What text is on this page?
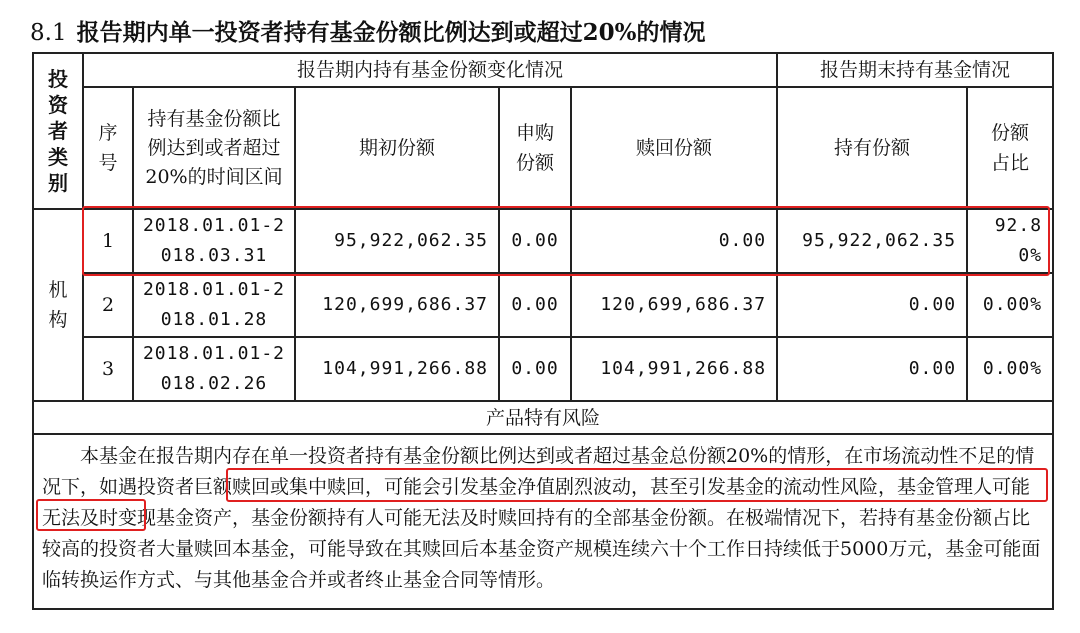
8.1 报告期内单一投资者持有基金份额比例达到或超过20%的情况
投资者类别	报告期内持有基金份额变化情况					报告期末持有基金情况	

	序号	持有基金份额比例达到或者超过20%的时间区间	期初份额	申购份额	赎回份额	持有份额	份额占比

机构	1	2018.01.01-2018.03.31	95,922,062.35	0.00	0.00	95,922,062.35	92.80%
	2	2018.01.01-2018.01.28	120,699,686.37	0.00	120,699,686.37	0.00	0.00%
	3	2018.01.01-2018.02.26	104,991,266.88	0.00	104,991,266.88	0.00	0.00%
产品特有风险							

本基金在报告期内存在单一投资者持有基金份额比例达到或者超过基金总份额20%的情形，在市场流动性不足的情况下，如遇投资者巨额赎回或集中赎回，可能会引发基金净值剧烈波动，甚至引发基金的流动性风险，基金管理人可能无法及时变现基金资产，基金份额持有人可能无法及时赎回持有的全部基金份额。在极端情况下，若持有基金份额占比较高的投资者大量赎回本基金，可能导致在其赎回后本基金资产规模连续六十个工作日持续低于5000万元，基金可能面临转换运作方式、与其他基金合并或者终止基金合同等情形。							
